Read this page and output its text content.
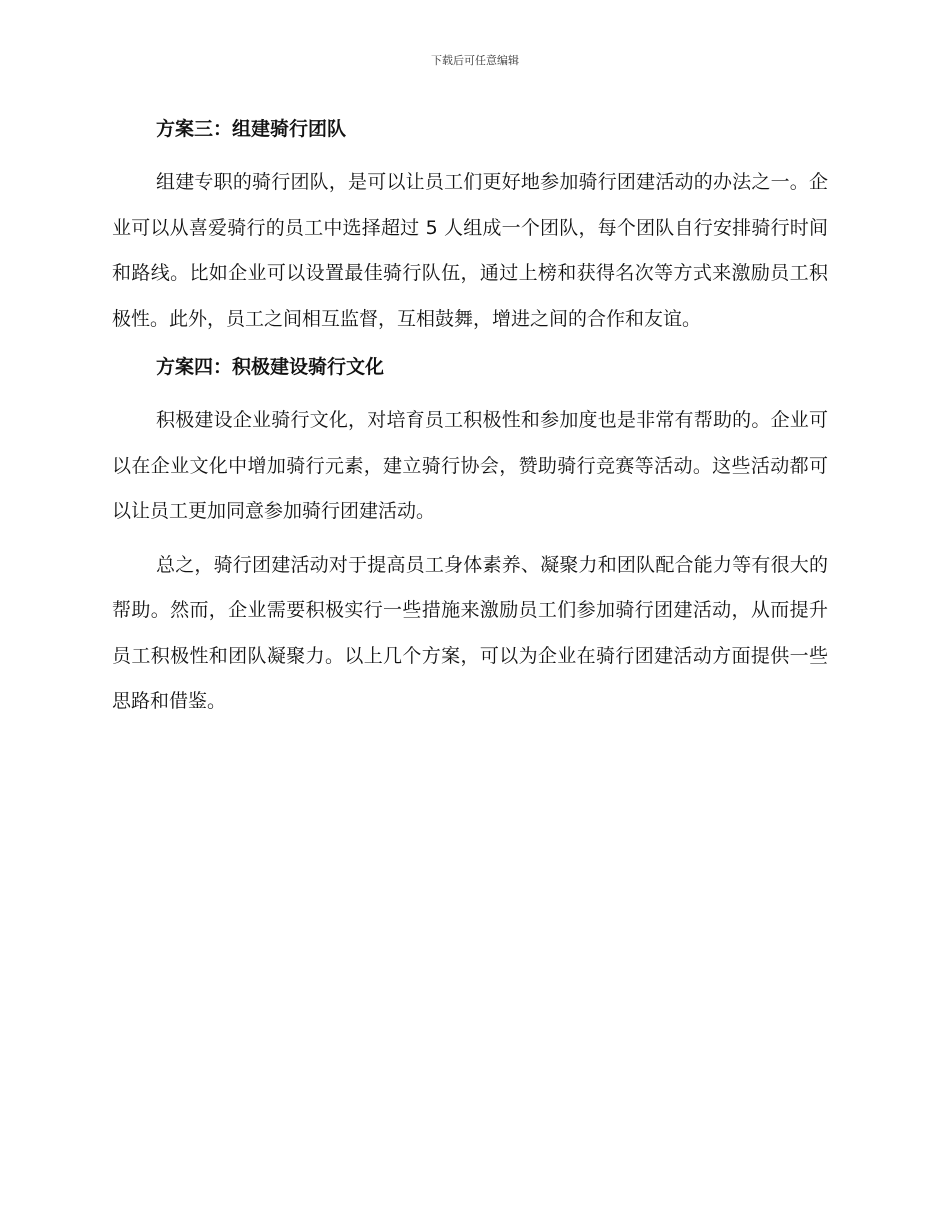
下载后可任意编辑
方案三：组建骑行团队

组建专职的骑行团队，是可以让员工们更好地参加骑行团建活动的办法之一。企业可以从喜爱骑行的员工中选择超过 5 人组成一个团队，每个团队自行安排骑行时间和路线。比如企业可以设置最佳骑行队伍，通过上榜和获得名次等方式来激励员工积极性。此外，员工之间相互监督，互相鼓舞，增进之间的合作和友谊。

方案四：积极建设骑行文化

积极建设企业骑行文化，对培育员工积极性和参加度也是非常有帮助的。企业可以在企业文化中增加骑行元素，建立骑行协会，赞助骑行竞赛等活动。这些活动都可以让员工更加同意参加骑行团建活动。

总之，骑行团建活动对于提高员工身体素养、凝聚力和团队配合能力等有很大的帮助。然而，企业需要积极实行一些措施来激励员工们参加骑行团建活动，从而提升员工积极性和团队凝聚力。以上几个方案，可以为企业在骑行团建活动方面提供一些思路和借鉴。
